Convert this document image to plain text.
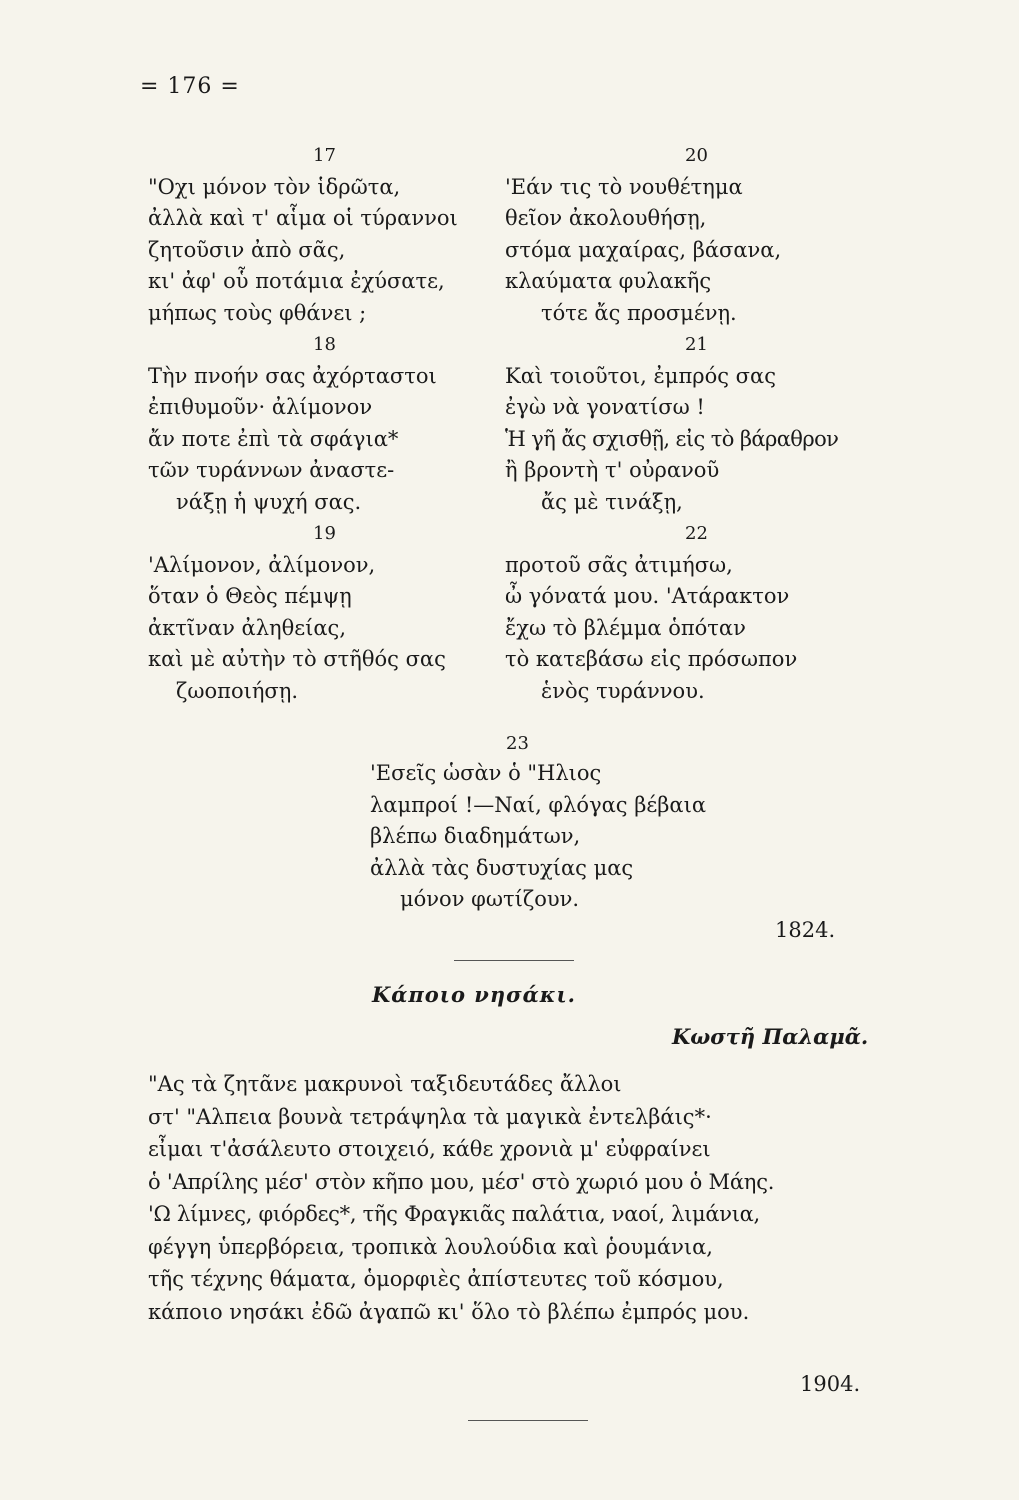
= 176 =
17
"Οχι μόνον τὸν ἱδρῶτα,
ἀλλὰ καὶ τ' αἷμα οἱ τύραννοι
ζητοῦσιν ἀπὸ σᾶς,
κι' ἀφ' οὗ ποτάμια ἐχύσατε,
μήπως τοὺς φθάνει ;
18
Τὴν πνοήν σας ἀχόρταστοι
ἐπιθυμοῦν· ἀλίμονον
ἄν ποτε ἐπὶ τὰ σφάγια*
τῶν τυράννων ἀναστε-
νάξῃ ἡ ψυχή σας.
19
'Αλίμονον, ἀλίμονον,
ὅταν ὁ Θεὸς πέμψῃ
ἀκτῖναν ἀληθείας,
καὶ μὲ αὐτὴν τὸ στῆθός σας
ζωοποιήσῃ.
20
'Εάν τις τὸ νουθέτημα
θεῖον ἀκολουθήσῃ,
στόμα μαχαίρας, βάσανα,
κλαύματα φυλακῆς
τότε ἄς προσμένῃ.
21
Καὶ τοιοῦτοι, ἐμπρός σας
ἐγὼ νὰ γονατίσω !
Ἡ γῆ ἄς σχισθῇ, εἰς τὸ βάραθρον
ἢ βροντὴ τ' οὐρανοῦ
ἄς μὲ τινάξῃ,
22
πρoτοῦ σᾶς ἀτιμήσω,
ὦ γόνατά μου. 'Ατάρακτον
ἔχω τὸ βλέμμα ὁπόταν
τὸ κατεβάσω εἰς πρόσωπον
ἑνὸς τυράννου.
23
'Εσεῖς ὡσὰν ὁ "Ηλιος
λαμπροί !—Ναί, φλόγας βέβαια
βλέπω διαδημάτων,
ἀλλὰ τὰς δυστυχίας μας
μόνον φωτίζουν.
1824.
Κάποιο νησάκι.
Κωστῆ Παλαμᾶ.
"Ας τὰ ζητᾶνε μακρυνοὶ ταξιδευτάδες ἄλλοι
στ' "Αλπεια βουνὰ τετράψηλα τὰ μαγικὰ ἐντελβάις*·
εἶμαι τ'ἀσάλευτο στοιχειό, κάθε χρονιὰ μ' εὐφραίνει
ὁ 'Απρίλης μέσ' στὸν κῆπο μου, μέσ' στὸ χωριό μου ὁ Μάης.
'Ω λίμνες, φιόρδες*, τῆς Φραγκιᾶς παλάτια, ναοί, λιμάνια,
φέγγη ὑπερβόρεια, τροπικὰ λουλούδια καὶ ῥουμάνια,
τῆς τέχνης θάματα, ὁμορφιὲς ἀπίστευτες τοῦ κόσμου,
κάποιο νησάκι ἐδῶ ἀγαπῶ κι' ὅλο τὸ βλέπω ἐμπρός μου.
1904.
